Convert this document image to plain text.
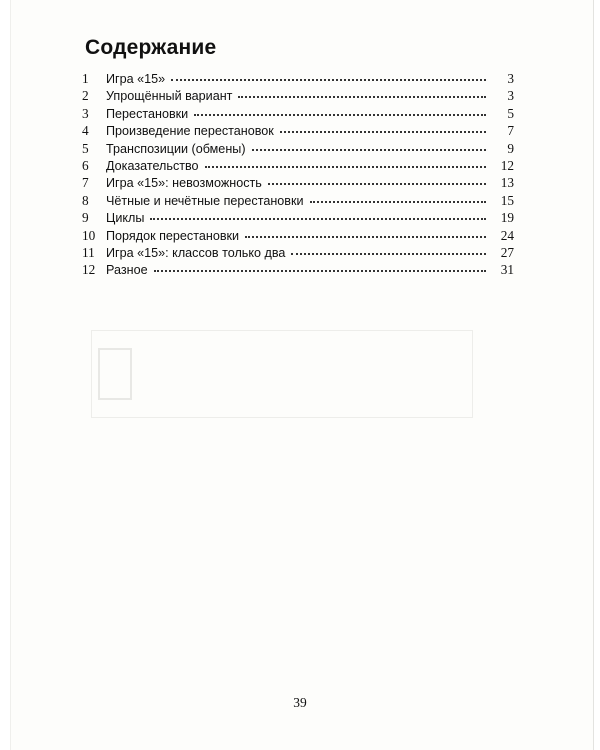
Содержание
1	Игра «15»	3
2	Упрощённый вариант	3
3	Перестановки	5
4	Произведение перестановок	7
5	Транспозиции (обмены)	9
6	Доказательство	12
7	Игра «15»: невозможность	13
8	Чётные и нечётные перестановки	15
9	Циклы	19
10 Порядок перестановки	24
11 Игра «15»: классов только два	27
12 Разное	31
39
